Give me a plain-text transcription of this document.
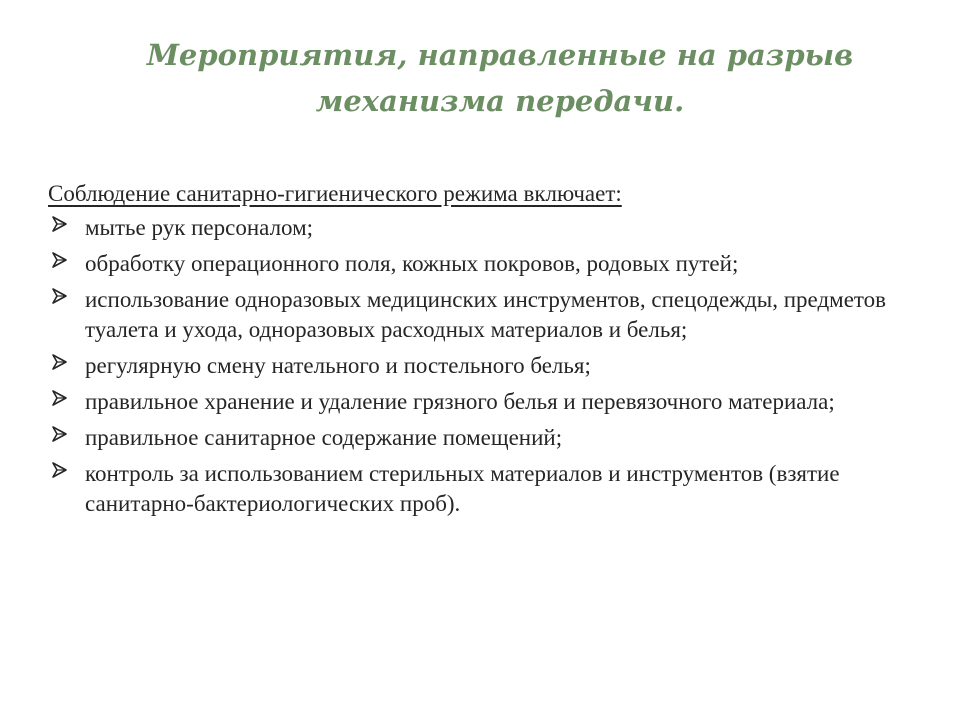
Мероприятия, направленные на разрыв
механизма передачи.
Соблюдение санитарно-гигиенического режима включает:
мытье рук персоналом;
обработку операционного поля, кожных покровов, родовых путей;
использование одноразовых медицинских инструментов, спецодежды, предметов туалета и ухода, одноразовых расходных материалов и белья;
регулярную смену нательного и постельного белья;
правильное хранение и удаление грязного белья и перевязочного материала;
правильное санитарное содержание помещений;
контроль за использованием стерильных материалов и инструментов (взятие санитарно-бактериологических проб).
